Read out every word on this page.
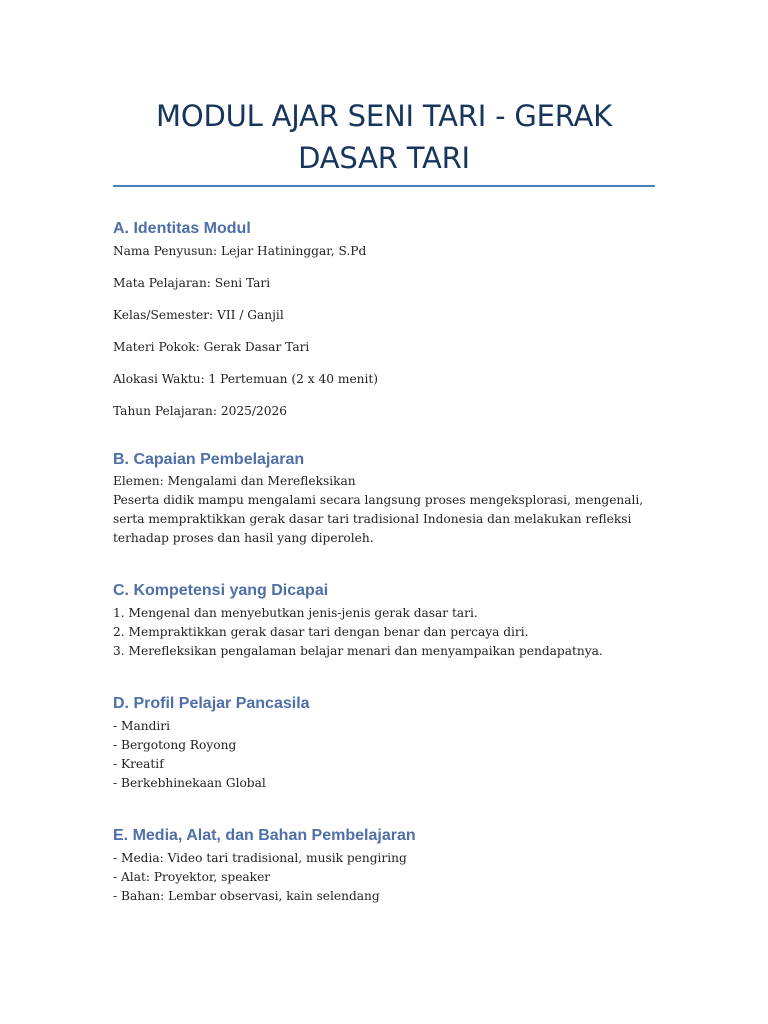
MODUL AJAR SENI TARI - GERAK DASAR TARI
A. Identitas Modul

Nama Penyusun: Lejar Hatininggar, S.Pd

Mata Pelajaran: Seni Tari

Kelas/Semester: VII / Ganjil

Materi Pokok: Gerak Dasar Tari

Alokasi Waktu: 1 Pertemuan (2 x 40 menit)

Tahun Pelajaran: 2025/2026

B. Capaian Pembelajaran

Elemen: Mengalami dan Merefleksikan

Peserta didik mampu mengalami secara langsung proses mengeksplorasi, mengenali, serta mempraktikkan gerak dasar tari tradisional Indonesia dan melakukan refleksi terhadap proses dan hasil yang diperoleh.

C. Kompetensi yang Dicapai

1. Mengenal dan menyebutkan jenis-jenis gerak dasar tari.

2. Mempraktikkan gerak dasar tari dengan benar dan percaya diri.

3. Merefleksikan pengalaman belajar menari dan menyampaikan pendapatnya.

D. Profil Pelajar Pancasila

- Mandiri

- Bergotong Royong

- Kreatif

- Berkebhinekaan Global

E. Media, Alat, dan Bahan Pembelajaran

- Media: Video tari tradisional, musik pengiring

- Alat: Proyektor, speaker

- Bahan: Lembar observasi, kain selendang
